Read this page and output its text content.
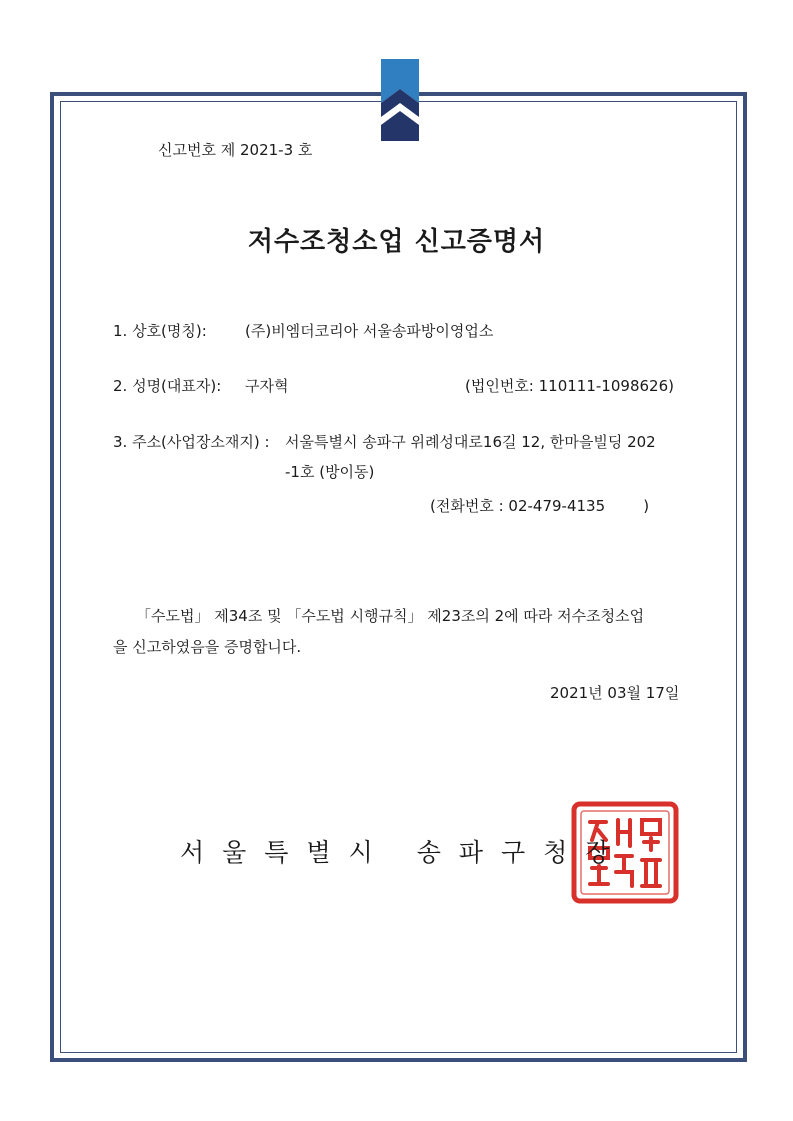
신고번호 제 2021-3 호
저수조청소업 신고증명서
1. 상호(명칭):	(주)비엠더코리아 서울송파방이영업소
2. 성명(대표자): 구자혁	(법인번호: 110111-1098626)
3. 주소(사업장소재지) : 서울특별시 송파구 위례성대로16길 12, 한마을빌딩 202
-1호 (방이동)
(전화번호 : 02-479-4135        )
「수도법」 제34조 및 「수도법 시행규칙」 제23조의 2에 따라 저수조청소업
을 신고하였음을 증명합니다.
2021년 03월 17일
서울특별시 송파구청장
